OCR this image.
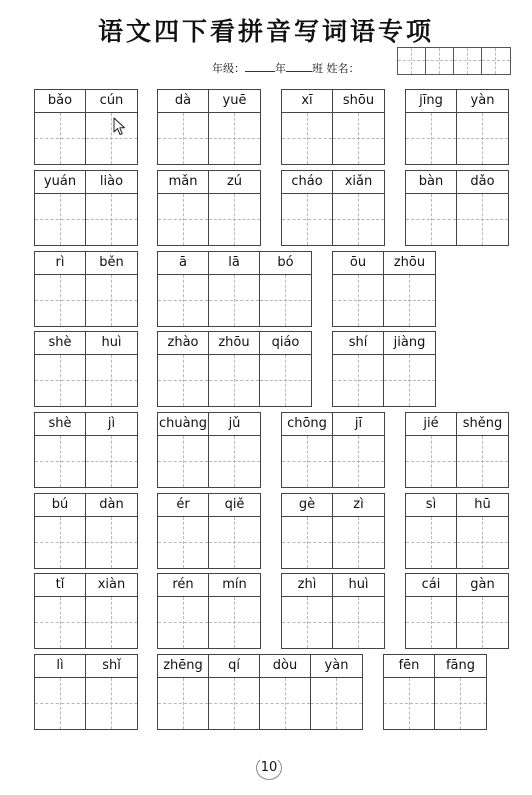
语文四下看拼音写词语专项
年级：	年 班 姓名：
bǎo	cún	dà	yuē	xī	shōu	jīng	yàn
yuán	liào	mǎn	zú	cháo	xiǎn	bàn	dǎo
rì	běn	ā	lā	bó	ōu	zhōu
shè	huì	zhào	zhōu	qiáo	shí	jiàng
shè	jì	chuàng	jǔ	chōng	jī	jié	shěng
bú	dàn	ér	qiě	gè	zì	sì	hū
tǐ	xiàn	rén	mín	zhì	huì	cái	gàn
lì	shǐ	zhēng	qí	dòu	yàn	fēn	fāng
10
